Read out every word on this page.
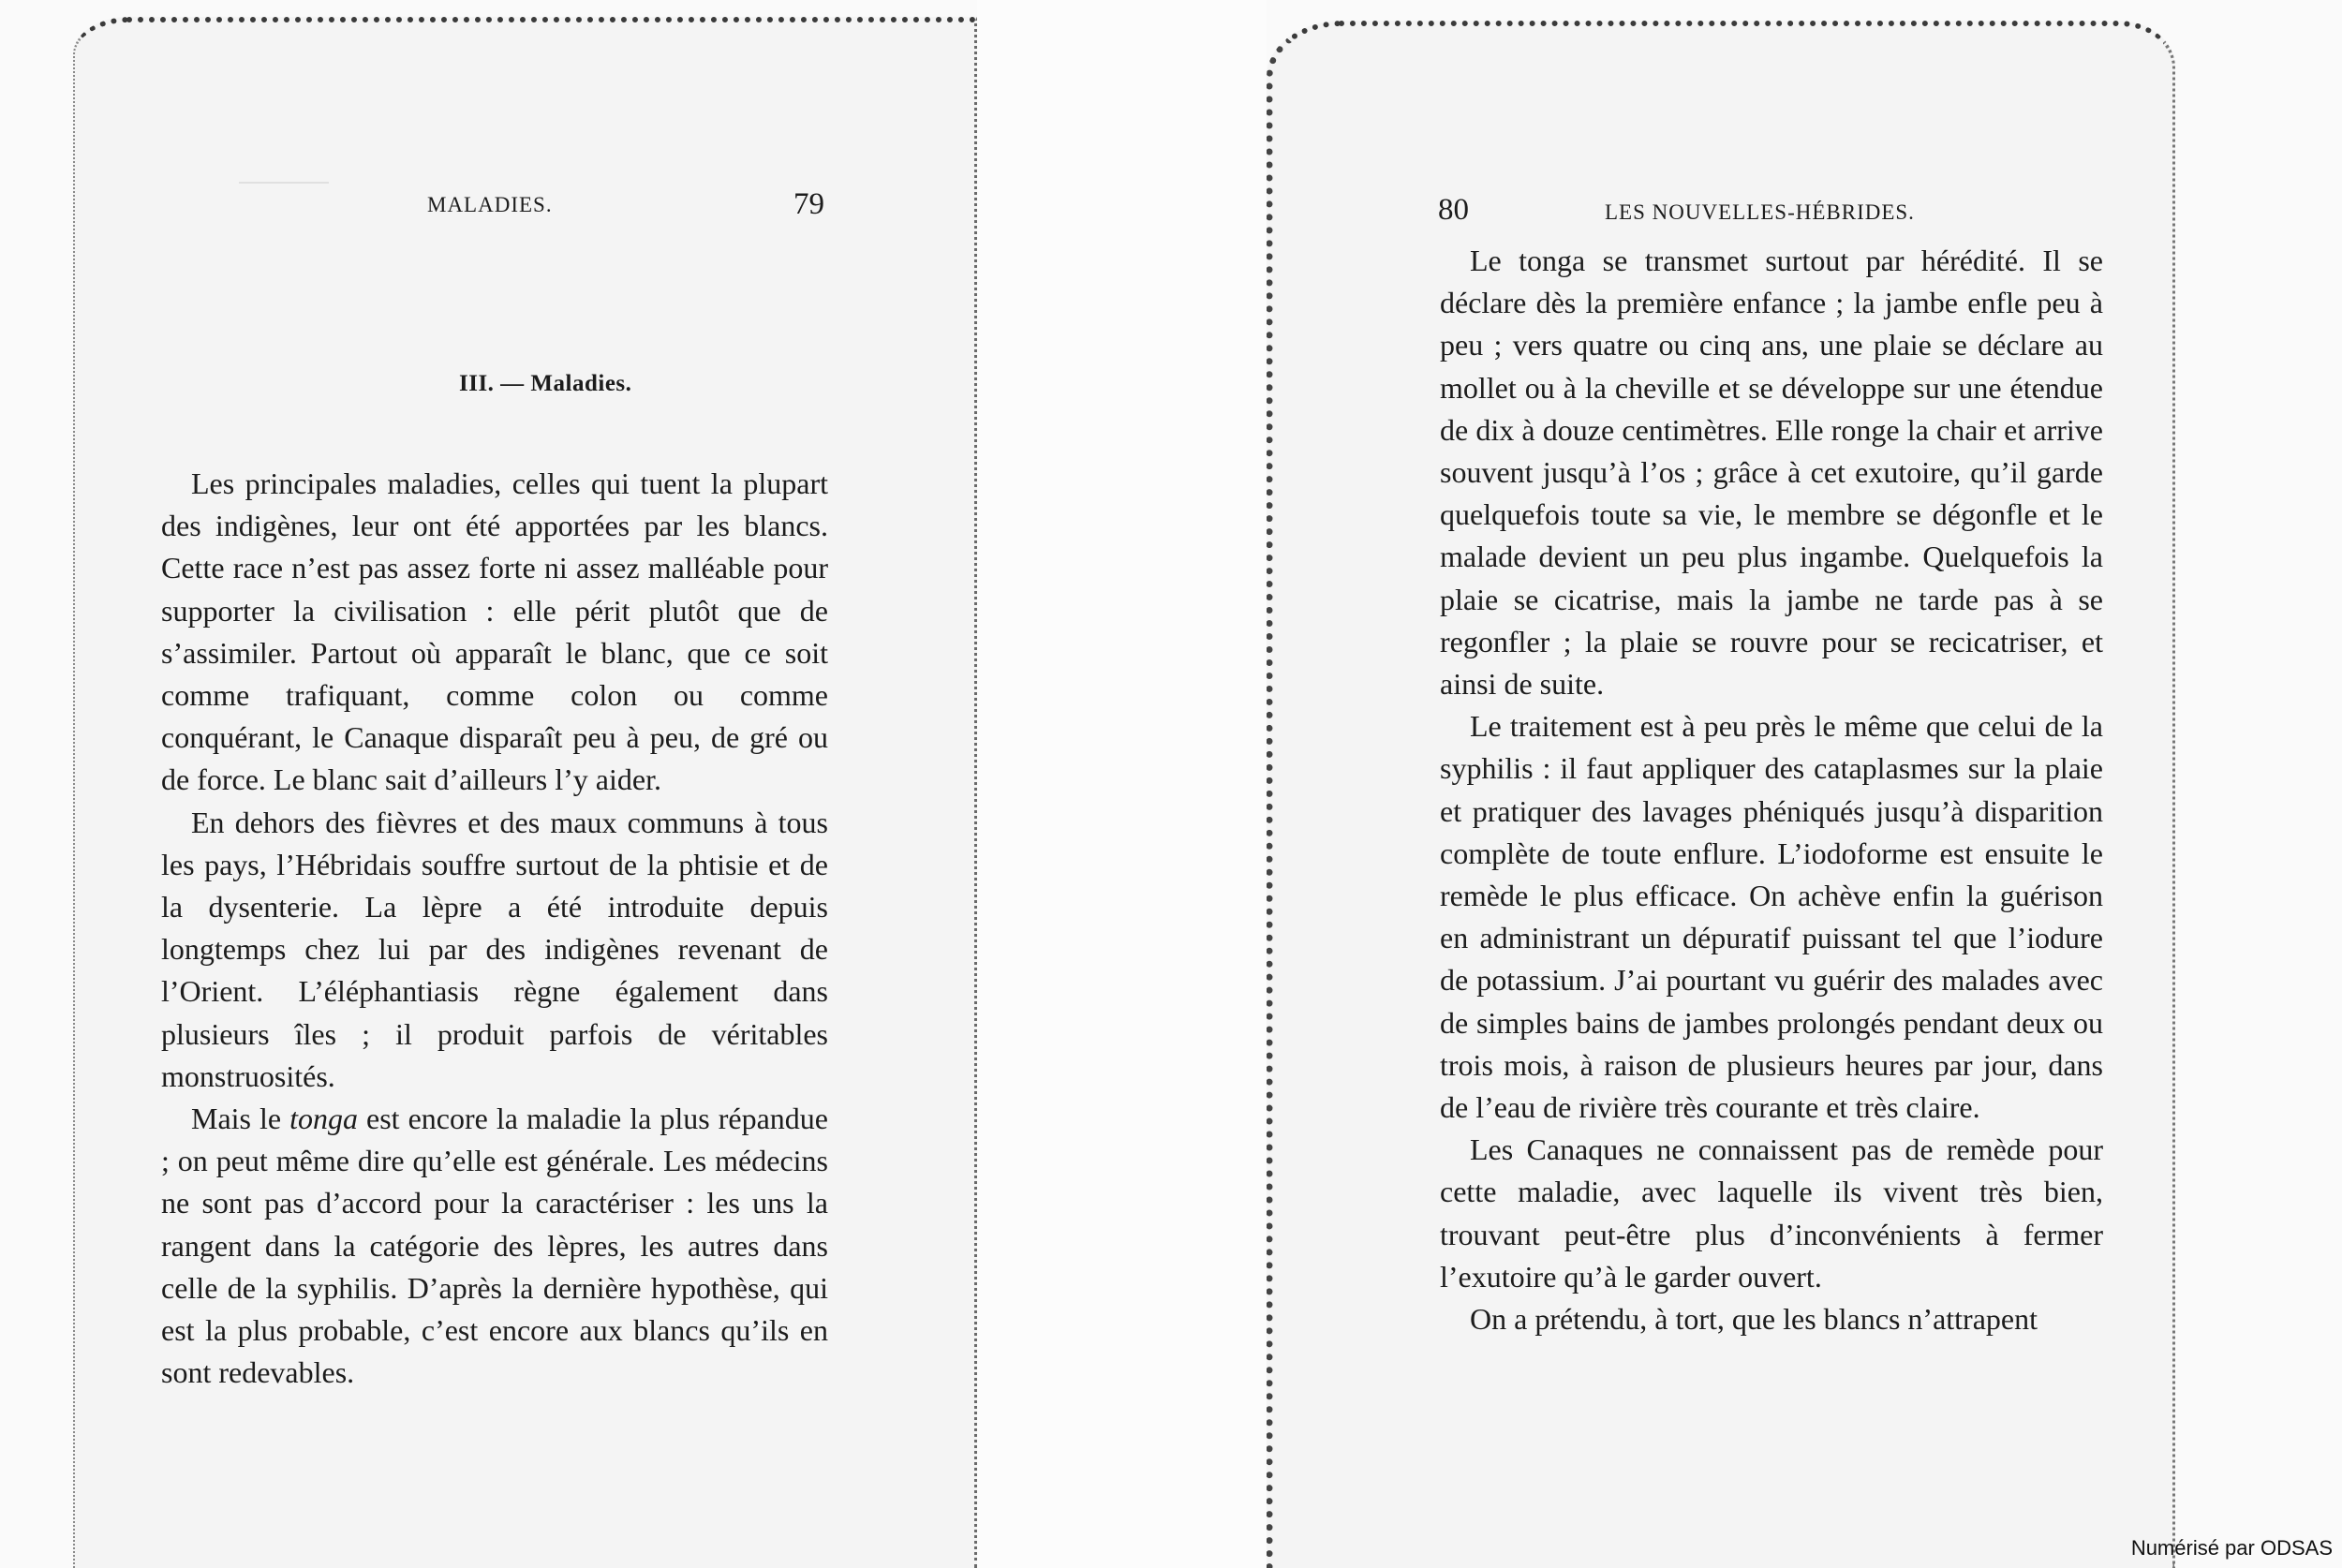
MALADIES.	79
III. — Maladies.

Les principales maladies, celles qui tuent la plupart des indigènes, leur ont été apportées par les blancs. Cette race n’est pas assez forte ni assez malléable pour supporter la civilisation : elle périt plutôt que de s’assimiler. Partout où apparaît le blanc, que ce soit comme trafiquant, comme colon ou comme conquérant, le Canaque disparaît peu à peu, de gré ou de force. Le blanc sait d’ailleurs l’y aider.

En dehors des fièvres et des maux communs à tous les pays, l’Hébridais souffre surtout de la phtisie et de la dysenterie. La lèpre a été introduite depuis longtemps chez lui par des indigènes revenant de l’Orient. L’éléphantiasis règne également dans plusieurs îles ; il produit parfois de véritables monstruosités.

Mais le tonga est encore la maladie la plus répandue ; on peut même dire qu’elle est générale. Les médecins ne sont pas d’accord pour la caractériser : les uns la rangent dans la catégorie des lèpres, les autres dans celle de la syphilis. D’après la dernière hypothèse, qui est la plus probable, c’est encore aux blancs qu’ils en sont redevables.

80	LES NOUVELLES-HÉBRIDES.

Le tonga se transmet surtout par hérédité. Il se déclare dès la première enfance ; la jambe enfle peu à peu ; vers quatre ou cinq ans, une plaie se déclare au mollet ou à la cheville et se développe sur une étendue de dix à douze centimètres. Elle ronge la chair et arrive souvent jusqu’à l’os ; grâce à cet exutoire, qu’il garde quelquefois toute sa vie, le membre se dégonfle et le malade devient un peu plus ingambe. Quelquefois la plaie se cicatrise, mais la jambe ne tarde pas à se regonfler ; la plaie se rouvre pour se recicatriser, et ainsi de suite.

Le traitement est à peu près le même que celui de la syphilis : il faut appliquer des cataplasmes sur la plaie et pratiquer des lavages phéniqués jusqu’à disparition complète de toute enflure. L’iodoforme est ensuite le remède le plus efficace. On achève enfin la guérison en administrant un dépuratif puissant tel que l’iodure de potassium. J’ai pourtant vu guérir des malades avec de simples bains de jambes prolongés pendant deux ou trois mois, à raison de plusieurs heures par jour, dans de l’eau de rivière très courante et très claire.

Les Canaques ne connaissent pas de remède pour cette maladie, avec laquelle ils vivent très bien, trouvant peut-être plus d’inconvénients à fermer l’exutoire qu’à le garder ouvert.

On a prétendu, à tort, que les blancs n’attrapent

Numérisé par ODSAS
